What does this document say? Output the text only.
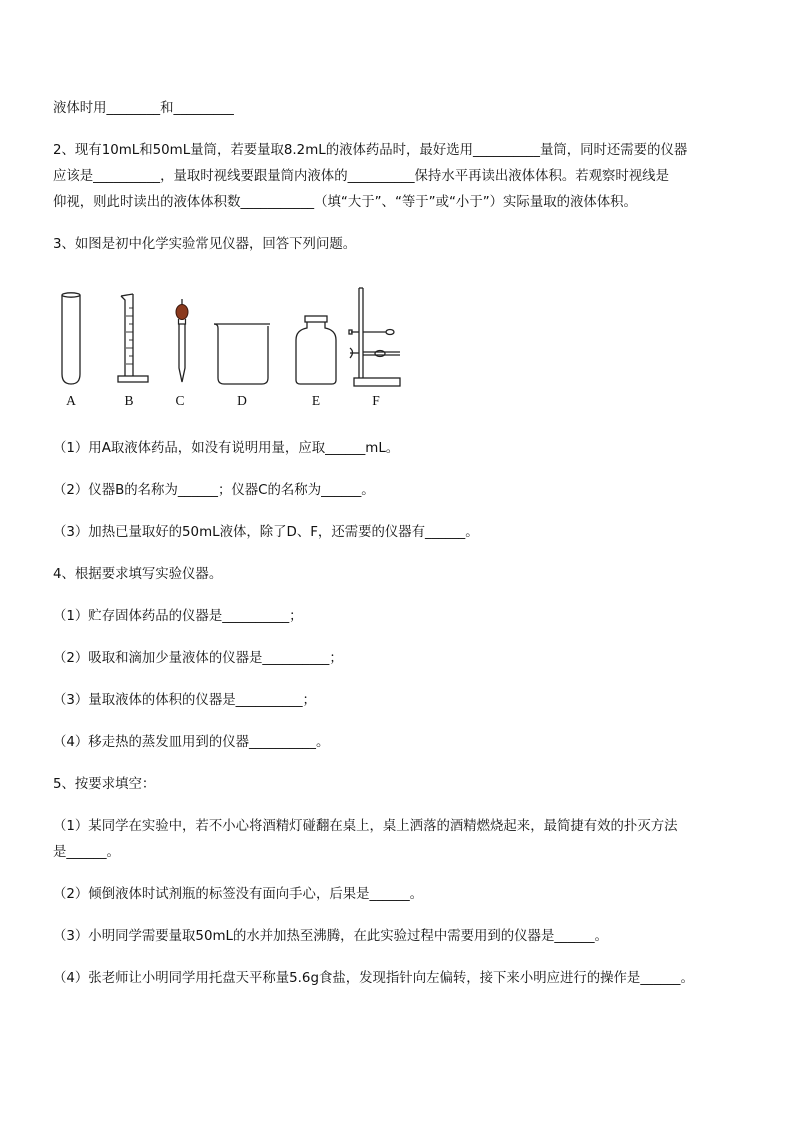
液体时用________和_________
2、现有10mL和50mL量筒，若要量取8.2mL的液体药品时，最好选用__________量筒，同时还需要的仪器
应该是__________，量取时视线要跟量筒内液体的__________保持水平再读出液体体积。若观察时视线是
仰视，则此时读出的液体体积数___________（填“大于”、“等于”或“小于”）实际量取的液体体积。
3、如图是初中化学实验常见仪器，回答下列问题。
A	B	C	D	E	F
（1）用A取液体药品，如没有说明用量，应取______mL。
（2）仪器B的名称为______；仪器C的名称为______。
（3）加热已量取好的50mL液体，除了D、F，还需要的仪器有______。
4、根据要求填写实验仪器。
（1）贮存固体药品的仪器是__________；
（2）吸取和滴加少量液体的仪器是__________；
（3）量取液体的体积的仪器是__________；
（4）移走热的蒸发皿用到的仪器__________。
5、按要求填空：
（1）某同学在实验中，若不小心将酒精灯碰翻在桌上，桌上洒落的酒精燃烧起来，最简捷有效的扑灭方法
是______。
（2）倾倒液体时试剂瓶的标签没有面向手心，后果是______。
（3）小明同学需要量取50mL的水并加热至沸腾，在此实验过程中需要用到的仪器是______。
（4）张老师让小明同学用托盘天平称量5.6g食盐，发现指针向左偏转，接下来小明应进行的操作是______。
